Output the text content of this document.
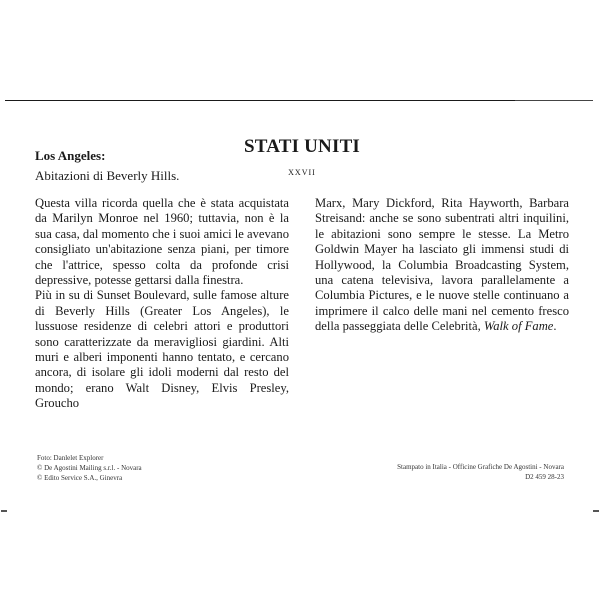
Los Angeles:
Abitazioni di Beverly Hills.
STATI UNITI
XXVII

Questa villa ricorda quella che è stata acquistata da Marilyn Monroe nel 1960; tuttavia, non è la sua casa, dal momento che i suoi amici le avevano consigliato un'abitazione senza piani, per timore che l'attrice, spesso colta da profonde crisi depressive, potesse gettarsi dalla finestra.

Più in su di Sunset Boulevard, sulle famose alture di Beverly Hills (Greater Los Angeles), le lussuose residenze di celebri attori e produttori sono caratterizzate da meravigliosi giardini. Alti muri e alberi imponenti hanno tentato, e cercano ancora, di isolare gli idoli moderni dal resto del mondo; erano Walt Disney, Elvis Presley, Groucho

Marx, Mary Dickford, Rita Hayworth, Barbara Streisand: anche se sono subentrati altri inquilini, le abitazioni sono sempre le stesse. La Metro Goldwin Mayer ha lasciato gli immensi studi di Hollywood, la Columbia Broadcasting System, una catena televisiva, lavora parallelamente a Columbia Pictures, e le nuove stelle continuano a imprimere il calco delle mani nel cemento fresco della passeggiata delle Celebrità, Walk of Fame.

Foto: Danlelet Explorer
© De Agostini Mailing s.r.l. - Novara
© Edito Service S.A., Ginevra
Stampato in Italia - Officine Grafiche De Agostini - Novara
D2 459 28-23
